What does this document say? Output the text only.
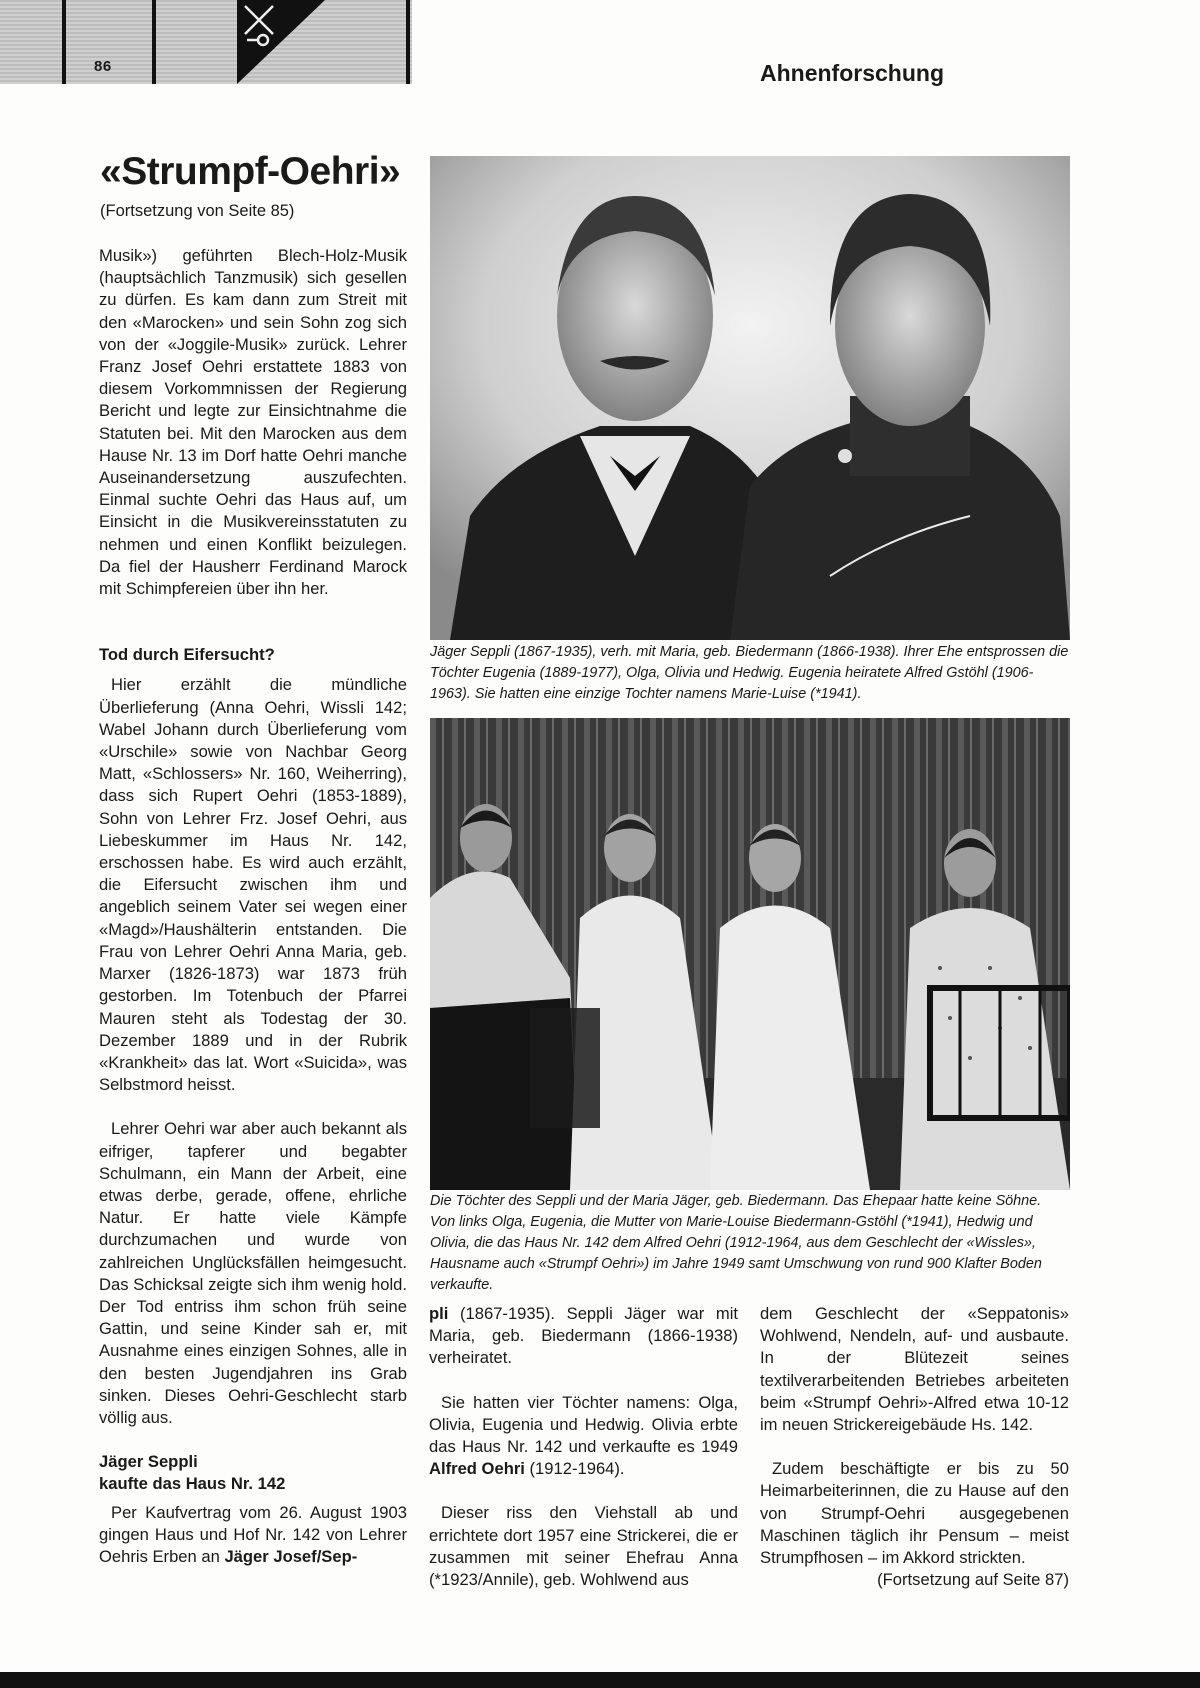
86	Ahnenforschung
«Strumpf-Oehri»
(Fortsetzung von Seite 85)

Musik») geführten Blech-Holz-Musik (hauptsächlich Tanzmusik) sich gesellen zu dürfen. Es kam dann zum Streit mit den «Marocken» und sein Sohn zog sich von der «Joggile-Musik» zurück. Lehrer Franz Josef Oehri erstattete 1883 von diesem Vorkommnissen der Regierung Bericht und legte zur Einsichtnahme die Statuten bei. Mit den Marocken aus dem Hause Nr. 13 im Dorf hatte Oehri manche Auseinandersetzung auszufechten. Einmal suchte Oehri das Haus auf, um Einsicht in die Musikvereinsstatuten zu nehmen und einen Konflikt beizulegen. Da fiel der Hausherr Ferdinand Marock mit Schimpfereien über ihn her.

Tod durch Eifersucht?

Hier erzählt die mündliche Überlieferung (Anna Oehri, Wissli 142; Wabel Johann durch Überlieferung vom «Urschile» sowie von Nachbar Georg Matt, «Schlossers» Nr. 160, Weiherring), dass sich Rupert Oehri (1853-1889), Sohn von Lehrer Frz. Josef Oehri, aus Liebeskummer im Haus Nr. 142, erschossen habe. Es wird auch erzählt, die Eifersucht zwischen ihm und angeblich seinem Vater sei wegen einer «Magd»/Haushälterin entstanden. Die Frau von Lehrer Oehri Anna Maria, geb. Marxer (1826-1873) war 1873 früh gestorben. Im Totenbuch der Pfarrei Mauren steht als Todestag der 30. Dezember 1889 und in der Rubrik «Krankheit» das lat. Wort «Suicida», was Selbstmord heisst.

Lehrer Oehri war aber auch bekannt als eifriger, tapferer und begabter Schulmann, ein Mann der Arbeit, eine etwas derbe, gerade, offene, ehrliche Natur. Er hatte viele Kämpfe durchzumachen und wurde von zahlreichen Unglücksfällen heimgesucht. Das Schicksal zeigte sich ihm wenig hold. Der Tod entriss ihm schon früh seine Gattin, und seine Kinder sah er, mit Ausnahme eines einzigen Sohnes, alle in den besten Jugendjahren ins Grab sinken. Dieses Oehri-Geschlecht starb völlig aus.

Jäger Seppli
kaufte das Haus Nr. 142

Per Kaufvertrag vom 26. August 1903 gingen Haus und Hof Nr. 142 von Lehrer Oehris Erben an Jäger Josef/Sep-

Jäger Seppli (1867-1935), verh. mit Maria, geb. Biedermann (1866-1938). Ihrer Ehe entsprossen die Töchter Eugenia (1889-1977), Olga, Olivia und Hedwig. Eugenia heiratete Alfred Gstöhl (1906-1963). Sie hatten eine einzige Tochter namens Marie-Luise (*1941).
Die Töchter des Seppli und der Maria Jäger, geb. Biedermann. Das Ehepaar hatte keine Söhne. Von links Olga, Eugenia, die Mutter von Marie-Louise Biedermann-Gstöhl (*1941), Hedwig und Olivia, die das Haus Nr. 142 dem Alfred Oehri (1912-1964, aus dem Geschlecht der «Wissles», Hausname auch «Strumpf Oehri») im Jahre 1949 samt Umschwung von rund 900 Klafter Boden verkaufte.

pli (1867-1935). Seppli Jäger war mit Maria, geb. Biedermann (1866-1938) verheiratet.

Sie hatten vier Töchter namens: Olga, Olivia, Eugenia und Hedwig. Olivia erbte das Haus Nr. 142 und verkaufte es 1949 Alfred Oehri (1912-1964).

Dieser riss den Viehstall ab und errichtete dort 1957 eine Strickerei, die er zusammen mit seiner Ehefrau Anna (*1923/Annile), geb. Wohlwend aus

dem Geschlecht der «Seppatonis» Wohlwend, Nendeln, auf- und ausbaute. In der Blütezeit seines textilverarbeitenden Betriebes arbeiteten beim «Strumpf Oehri»-Alfred etwa 10-12 im neuen Strickereigebäude Hs. 142.

Zudem beschäftigte er bis zu 50 Heimarbeiterinnen, die zu Hause auf den von Strumpf-Oehri ausgegebenen Maschinen täglich ihr Pensum – meist Strumpfhosen – im Akkord strickten.

(Fortsetzung auf Seite 87)
